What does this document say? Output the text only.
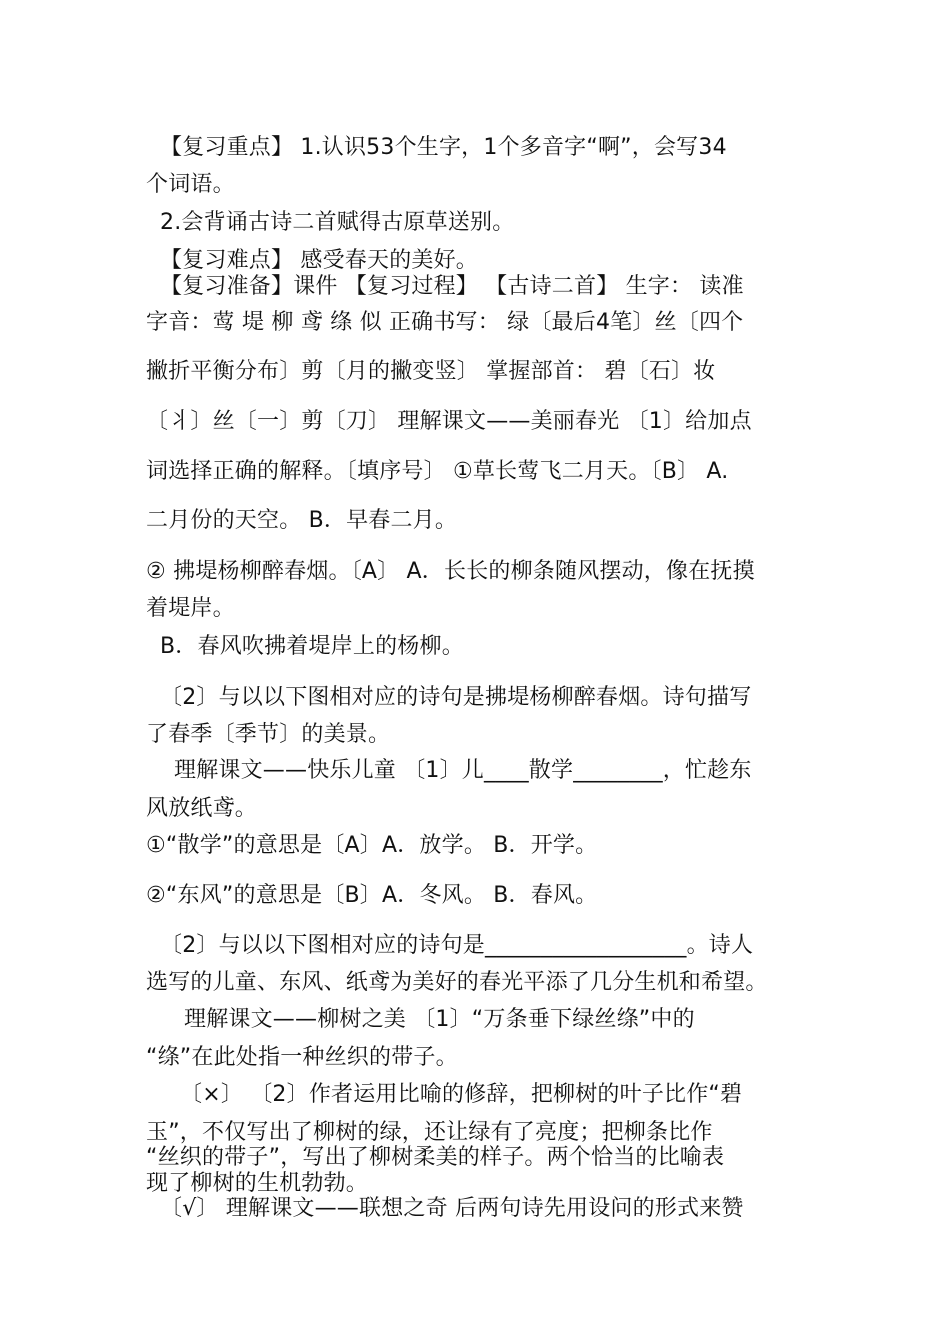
【复习重点】 1.认识53个生字，1个多音字“啊”，会写34
个词语。
2.会背诵古诗二首赋得古原草送别。
【复习难点】 感受春天的美好。
【复习准备】课件 【复习过程】 【古诗二首】 生字： 读准
字音：莺 堤 柳 鸢 绦 似 正确书写： 绿〔最后4笔〕丝〔四个
撇折平衡分布〕剪〔月的撇变竖〕 掌握部首： 碧〔石〕妆
〔丬〕丝〔一〕剪〔刀〕 理解课文——美丽春光 〔1〕给加点
词选择正确的解释。〔填序号〕 ①草长莺飞二月天。〔B〕 A.
二月份的天空。 B．早春二月。
② 拂堤杨柳醉春烟。〔A〕 A．长长的柳条随风摆动，像在抚摸
着堤岸。
B．春风吹拂着堤岸上的杨柳。
〔2〕与以以下图相对应的诗句是拂堤杨柳醉春烟。诗句描写
了春季〔季节〕的美景。
理解课文——快乐儿童 〔1〕儿____散学________，忙趁东
风放纸鸢。
①“散学”的意思是〔A〕A．放学。 B．开学。
②“东风”的意思是〔B〕A．冬风。 B．春风。
〔2〕与以以下图相对应的诗句是__________________。诗人
选写的儿童、东风、纸鸢为美好的春光平添了几分生机和希望。
理解课文——柳树之美 〔1〕“万条垂下绿丝绦”中的
“绦”在此处指一种丝织的带子。
〔×〕 〔2〕作者运用比喻的修辞，把柳树的叶子比作“碧
玉”，不仅写出了柳树的绿，还让绿有了亮度；把柳条比作
“丝织的带子”，写出了柳树柔美的样子。两个恰当的比喻表
现了柳树的生机勃勃。
〔√〕 理解课文——联想之奇 后两句诗先用设问的形式来赞
